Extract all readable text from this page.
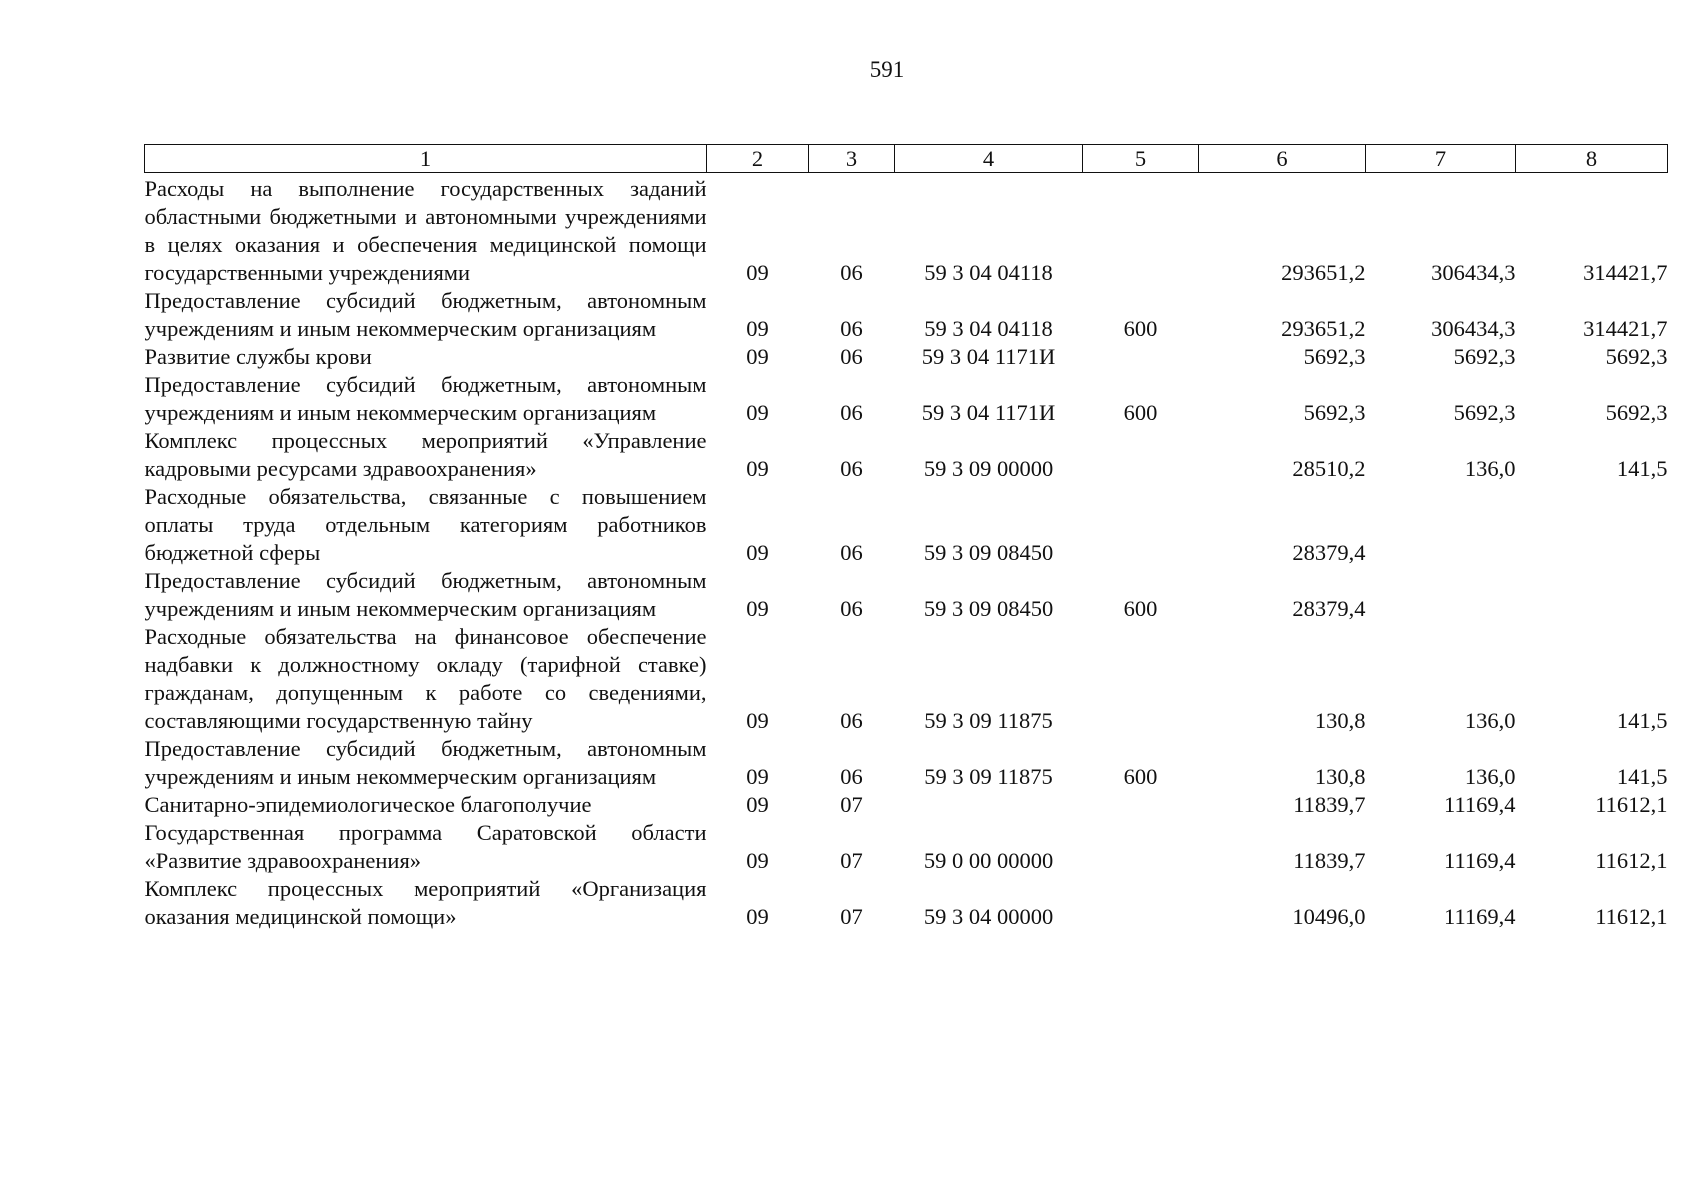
591
1	2	3	4	5	6	7	8
Расходы на выполнение государственных заданий областными бюджетными и автономными учреждениями в целях оказания и обеспечения медицинской помощи государственными учреждениями	09	06	59 3 04 04118		293651,2	306434,3	314421,7
Предоставление субсидий бюджетным, автономным учреждениям и иным некоммерческим организациям	09	06	59 3 04 04118	600	293651,2	306434,3	314421,7
Развитие службы крови	09	06	59 3 04 1171И		5692,3	5692,3	5692,3
Предоставление субсидий бюджетным, автономным учреждениям и иным некоммерческим организациям	09	06	59 3 04 1171И	600	5692,3	5692,3	5692,3
Комплекс процессных мероприятий «Управление кадровыми ресурсами здравоохранения»	09	06	59 3 09 00000		28510,2	136,0	141,5
Расходные обязательства, связанные с повышением оплаты труда отдельным категориям работников бюджетной сферы	09	06	59 3 09 08450		28379,4		
Предоставление субсидий бюджетным, автономным учреждениям и иным некоммерческим организациям	09	06	59 3 09 08450	600	28379,4		
Расходные обязательства на финансовое обеспечение надбавки к должностному окладу (тарифной ставке) гражданам, допущенным к работе со сведениями, составляющими государственную тайну	09	06	59 3 09 11875		130,8	136,0	141,5
Предоставление субсидий бюджетным, автономным учреждениям и иным некоммерческим организациям	09	06	59 3 09 11875	600	130,8	136,0	141,5
Санитарно-эпидемиологическое благополучие	09	07			11839,7	11169,4	11612,1
Государственная программа Саратовской области «Развитие здравоохранения»	09	07	59 0 00 00000		11839,7	11169,4	11612,1
Комплекс процессных мероприятий «Организация оказания медицинской помощи»	09	07	59 3 04 00000		10496,0	11169,4	11612,1
